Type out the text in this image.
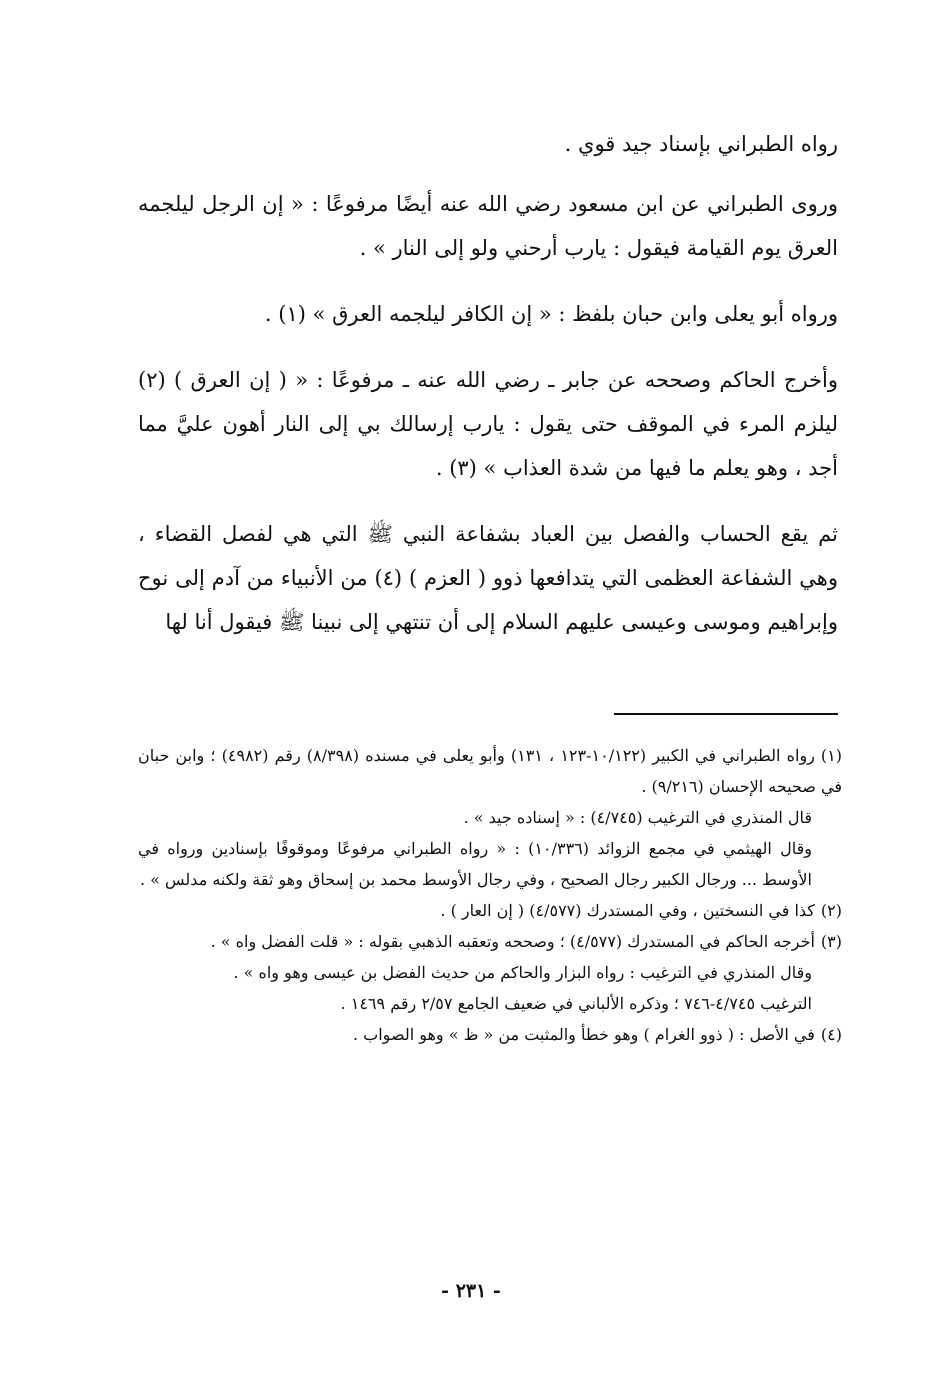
رواه الطبراني بإسناد جيد قوي .

وروى الطبراني عن ابن مسعود رضي الله عنه أيضًا مرفوعًا : « إن الرجل ليلجمه العرق يوم القيامة فيقول : يارب أرحني ولو إلى النار » .

ورواه أبو يعلى وابن حبان بلفظ : « إن الكافر ليلجمه العرق » (١) .

وأخرج الحاكم وصححه عن جابر ـ رضي الله عنه ـ مرفوعًا : « ( إن العرق ) (٢) ليلزم المرء في الموقف حتى يقول : يارب إرسالك بي إلى النار أهون عليَّ مما أجد ، وهو يعلم ما فيها من شدة العذاب » (٣) .

ثم يقع الحساب والفصل بين العباد بشفاعة النبي ﷺ التي هي لفصل القضاء ، وهي الشفاعة العظمى التي يتدافعها ذوو ( العزم ) (٤) من الأنبياء من آدم إلى نوح وإبراهيم وموسى وعيسى عليهم السلام إلى أن تنتهي إلى نبينا ﷺ فيقول أنا لها

(١)رواه الطبراني في الكبير (١٠/١٢٢-١٢٣ ، ١٣١) وأبو يعلى في مسنده (٨/٣٩٨) رقم (٤٩٨٢) ؛ وابن حبان في صحيحه الإحسان (٩/٢١٦) .

قال المنذري في الترغيب (٤/٧٤٥) : « إسناده جيد » .

وقال الهيثمي في مجمع الزوائد (١٠/٣٣٦) : « رواه الطبراني مرفوعًا وموقوفًا بإسنادين ورواه في الأوسط ... ورجال الكبير رجال الصحيح ، وفي رجال الأوسط محمد بن إسحاق وهو ثقة ولكنه مدلس » .

(٢)كذا في النسختين ، وفي المستدرك (٤/٥٧٧) ( إن العار ) .

(٣)أخرجه الحاكم في المستدرك (٤/٥٧٧) ؛ وصححه وتعقبه الذهبي بقوله : « قلت الفضل واه » .

وقال المنذري في الترغيب : رواه البزار والحاكم من حديث الفضل بن عيسى وهو واه » .

الترغيب ٤/٧٤٥-٧٤٦ ؛ وذكره الألباني في ضعيف الجامع ٢/٥٧ رقم ١٤٦٩ .

(٤)في الأصل : ( ذوو الغرام ) وهو خطأ والمثبت من « ظ » وهو الصواب .

- ٢٣١ -
